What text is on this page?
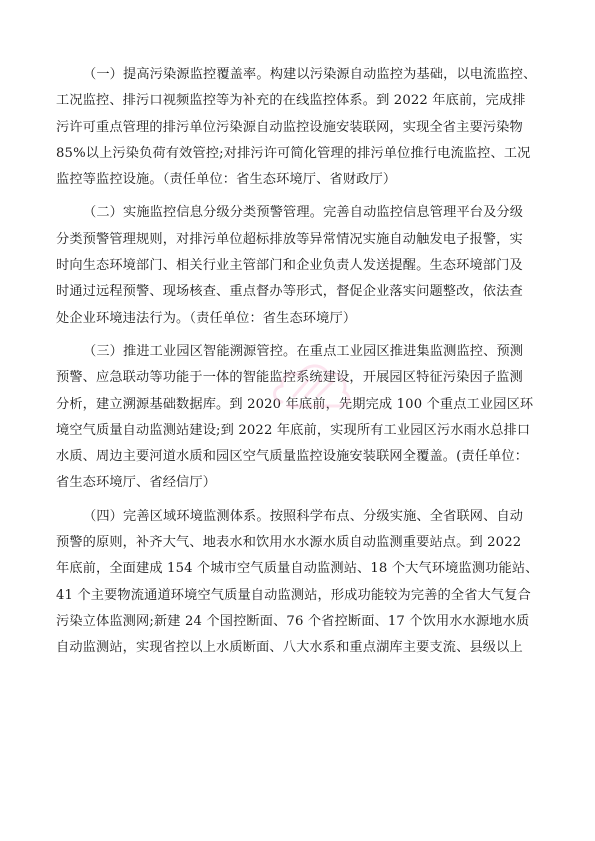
（一）提高污染源监控覆盖率。构建以污染源自动监控为基础，以电流监控、
工况监控、排污口视频监控等为补充的在线监控体系。到 2022 年底前，完成排
污许可重点管理的排污单位污染源自动监控设施安装联网，实现全省主要污染物
85%以上污染负荷有效管控;对排污许可简化管理的排污单位推行电流监控、工况
监控等监控设施。（责任单位：省生态环境厅、省财政厅）

（二）实施监控信息分级分类预警管理。完善自动监控信息管理平台及分级
分类预警管理规则，对排污单位超标排放等异常情况实施自动触发电子报警，实
时向生态环境部门、相关行业主管部门和企业负责人发送提醒。生态环境部门及
时通过远程预警、现场核查、重点督办等形式，督促企业落实问题整改，依法查
处企业环境违法行为。（责任单位：省生态环境厅）

（三）推进工业园区智能溯源管控。在重点工业园区推进集监测监控、预测
预警、应急联动等功能于一体的智能监控系统建设，开展园区特征污染因子监测
分析，建立溯源基础数据库。到 2020 年底前，先期完成 100 个重点工业园区环
境空气质量自动监测站建设;到 2022 年底前，实现所有工业园区污水雨水总排口
水质、周边主要河道水质和园区空气质量监控设施安装联网全覆盖。(责任单位：
省生态环境厅、省经信厅）

（四）完善区域环境监测体系。按照科学布点、分级实施、全省联网、自动
预警的原则，补齐大气、地表水和饮用水水源水质自动监测重要站点。到 2022
年底前，全面建成 154 个城市空气质量自动监测站、18 个大气环境监测功能站、
41 个主要物流通道环境空气质量自动监测站，形成功能较为完善的全省大气复合
污染立体监测网;新建 24 个国控断面、76 个省控断面、17 个饮用水水源地水质
自动监测站，实现省控以上水质断面、八大水系和重点湖库主要支流、县级以上
